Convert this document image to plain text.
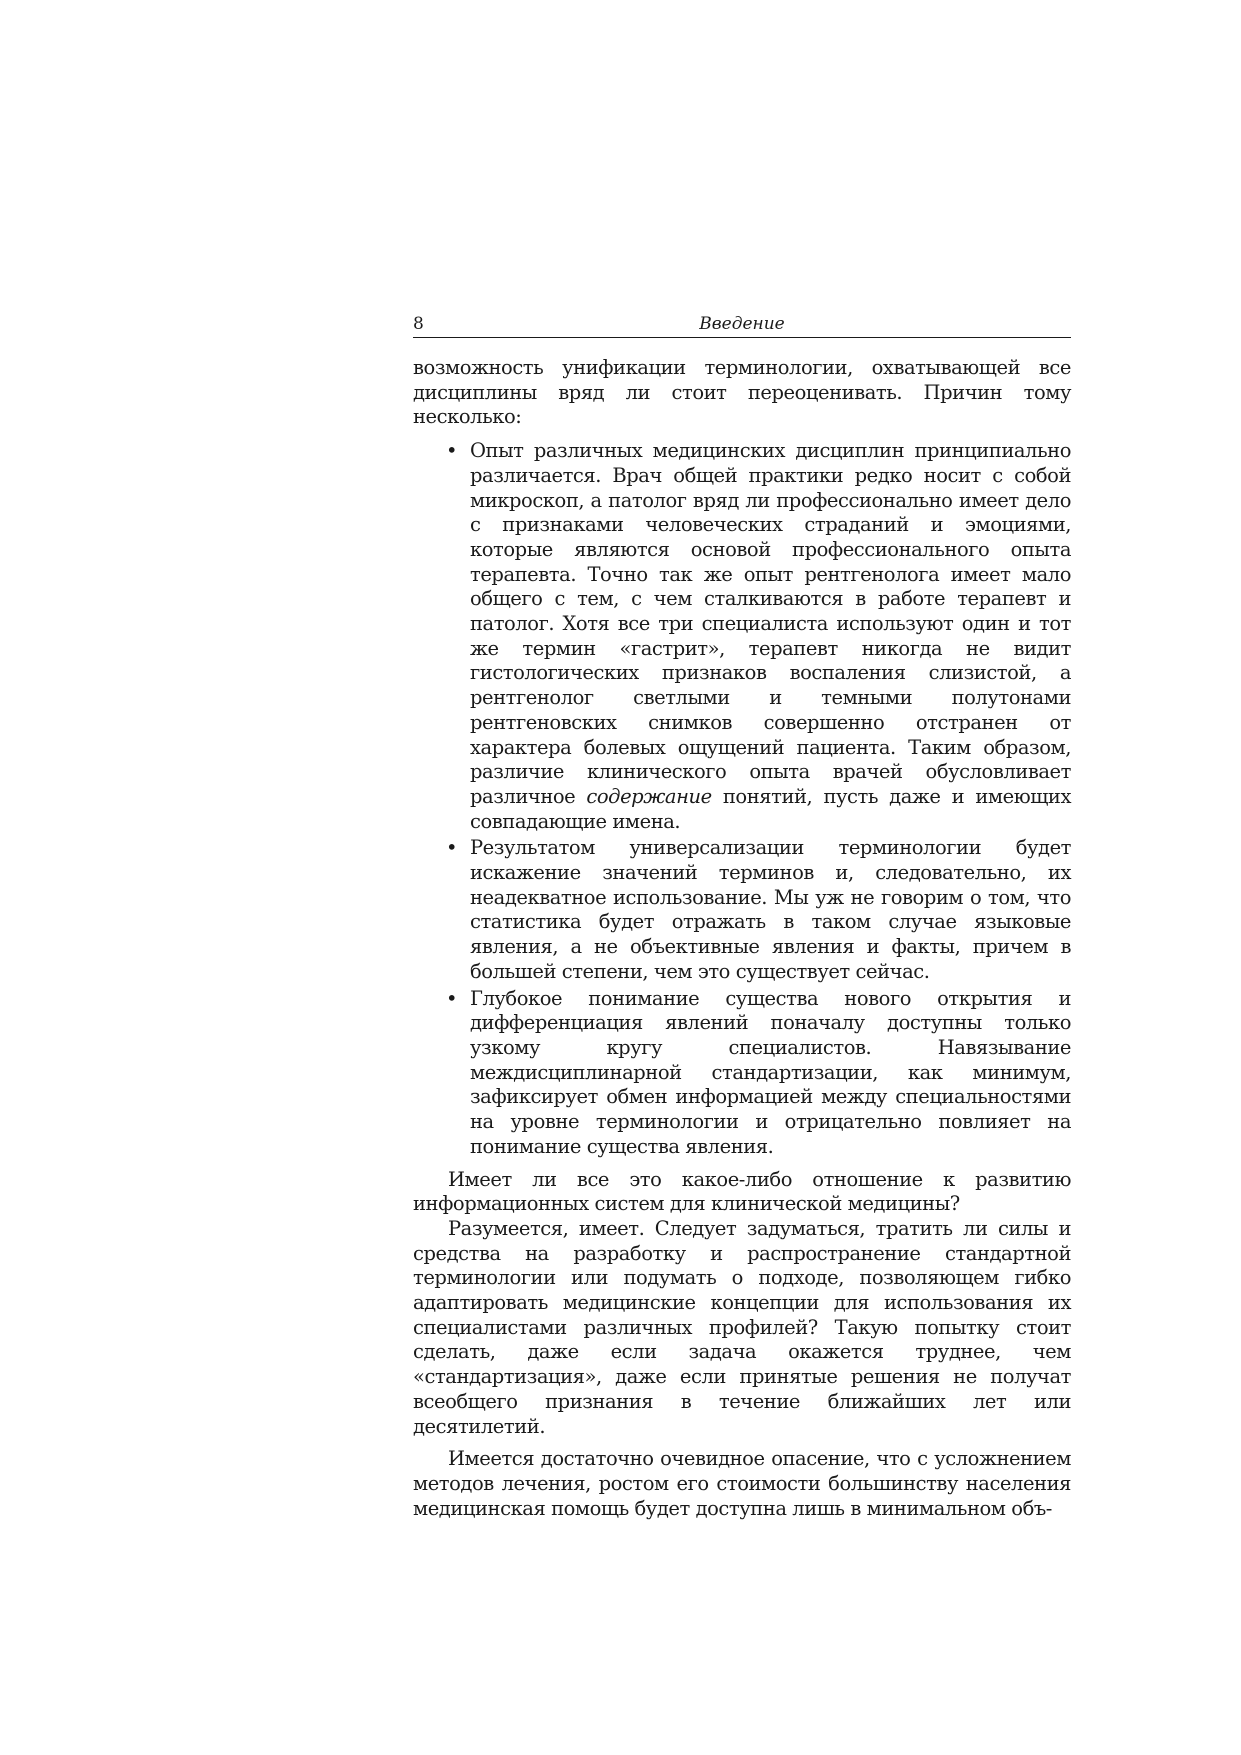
8	Введение

возможность унификации терминологии, охватывающей все дисциплины вряд ли стоит переоценивать. Причин тому несколько:

• Опыт различных медицинских дисциплин принципиально различается. Врач общей практики редко носит с собой микроскоп, а патолог вряд ли профессионально имеет дело с признаками человеческих страданий и эмоциями, которые являются основой профессионального опыта терапевта. Точно так же опыт рентгенолога имеет мало общего с тем, с чем сталкиваются в работе терапевт и патолог. Хотя все три специалиста используют один и тот же термин «гастрит», терапевт никогда не видит гистологических признаков воспаления слизистой, а рентгенолог светлыми и темными полутонами рентгеновских снимков совершенно отстранен от характера болевых ощущений пациента. Таким образом, различие клинического опыта врачей обусловливает различное содержание понятий, пусть даже и имеющих совпадающие имена.
• Результатом универсализации терминологии будет искажение значений терминов и, следовательно, их неадекватное использование. Мы уж не говорим о том, что статистика будет отражать в таком случае языковые явления, а не объективные явления и факты, причем в большей степени, чем это существует сейчас.
• Глубокое понимание существа нового открытия и дифференциация явлений поначалу доступны только узкому кругу специалистов. Навязывание междисциплинарной стандартизации, как минимум, зафиксирует обмен информацией между специальностями на уровне терминологии и отрицательно повлияет на понимание существа явления.

Имеет ли все это какое-либо отношение к развитию информационных систем для клинической медицины?

Разумеется, имеет. Следует задуматься, тратить ли силы и средства на разработку и распространение стандартной терминологии или подумать о подходе, позволяющем гибко адаптировать медицинские концепции для использования их специалистами различных профилей? Такую попытку стоит сделать, даже если задача окажется труднее, чем «стандартизация», даже если принятые решения не получат всеобщего признания в течение ближайших лет или десятилетий.

Имеется достаточно очевидное опасение, что с усложнением методов лечения, ростом его стоимости большинству населения медицинская помощь будет доступна лишь в минимальном объ-
